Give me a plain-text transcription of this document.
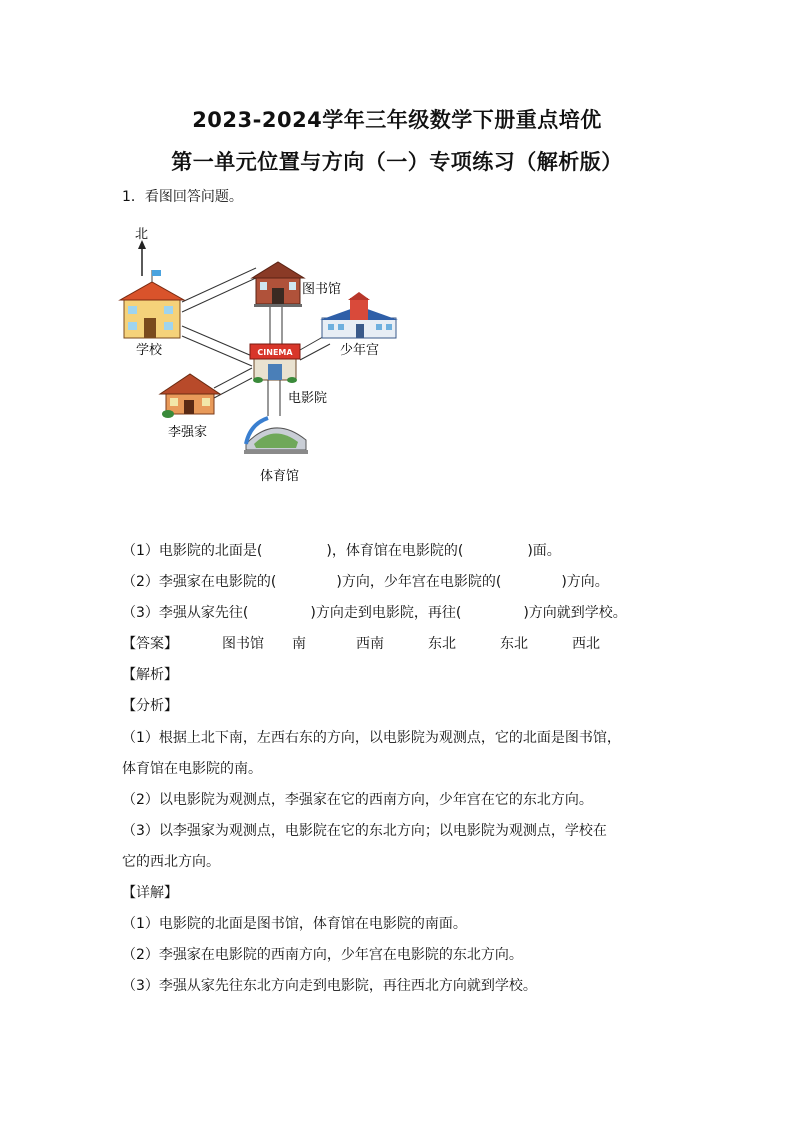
2023-2024学年三年级数学下册重点培优
第一单元位置与方向（一）专项练习（解析版）
1．看图回答问题。
北
学校
图书馆
少年宫
CINEMA
电影院
李强家
体育馆
（1）电影院的北面是(	)，体育馆在电影院的(	)面。
（2）李强家在电影院的(	)方向，少年宫在电影院的(	)方向。
（3）李强从家先往(	)方向走到电影院，再往(	)方向就到学校。
【答案】	图书馆 南	西南	东北	东北	西北
【解析】
【分析】
（1）根据上北下南，左西右东的方向，以电影院为观测点，它的北面是图书馆，
体育馆在电影院的南。
（2）以电影院为观测点，李强家在它的西南方向，少年宫在它的东北方向。
（3）以李强家为观测点，电影院在它的东北方向；以电影院为观测点，学校在
它的西北方向。
【详解】
（1）电影院的北面是图书馆，体育馆在电影院的南面。
（2）李强家在电影院的西南方向，少年宫在电影院的东北方向。
（3）李强从家先往东北方向走到电影院，再往西北方向就到学校。
